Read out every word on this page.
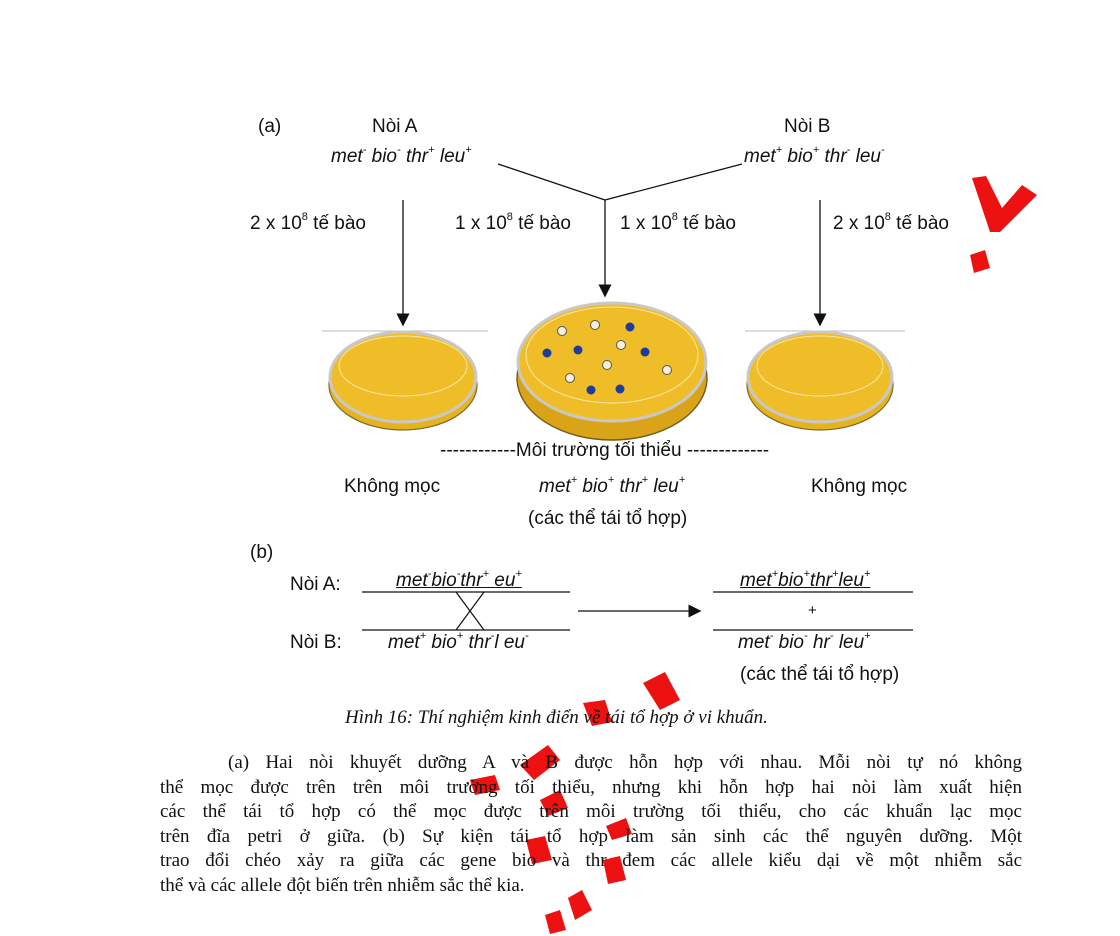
(a)	Nòi A
met- bio- thr+ leu+
Nòi B
met+ bio+ thr- leu-
2 x $10^8$ tế bào	1 x $10^8$ tế bào	1 x $10^8$ tế bào	2 x $10^8$ tế bào
------------Môi trường tối thiểu -------------
Không mọc	met+ bio+ thr+ leu+	Không mọc
(các thể tái tổ hợp)
(b)
Nòi A:	met-bio-thr+ eu+
Nòi B: met+ bio+ thr-l eu-
met+bio+thr+leu+
+
met- bio- hr- leu+
(các thể tái tổ hợp)
Hình 16: Thí nghiệm kinh điển về tái tổ hợp ở vi khuẩn.
(a) Hai nòi khuyết dưỡng A và B được hỗn hợp với nhau. Mỗi nòi tự nó không
thể mọc được trên trên môi trường tối thiểu, nhưng khi hỗn hợp hai nòi làm xuất hiện
các thể tái tổ hợp có thể mọc được trên môi trường tối thiểu, cho các khuẩn lạc mọc
trên đĩa petri ở giữa. (b) Sự kiện tái tổ hợp làm sản sinh các thể nguyên dưỡng. Một
trao đổi chéo xảy ra giữa các gene bio và thr đem các allele kiểu dại về một nhiễm sắc
thể và các allele đột biến trên nhiễm sắc thể kia.
